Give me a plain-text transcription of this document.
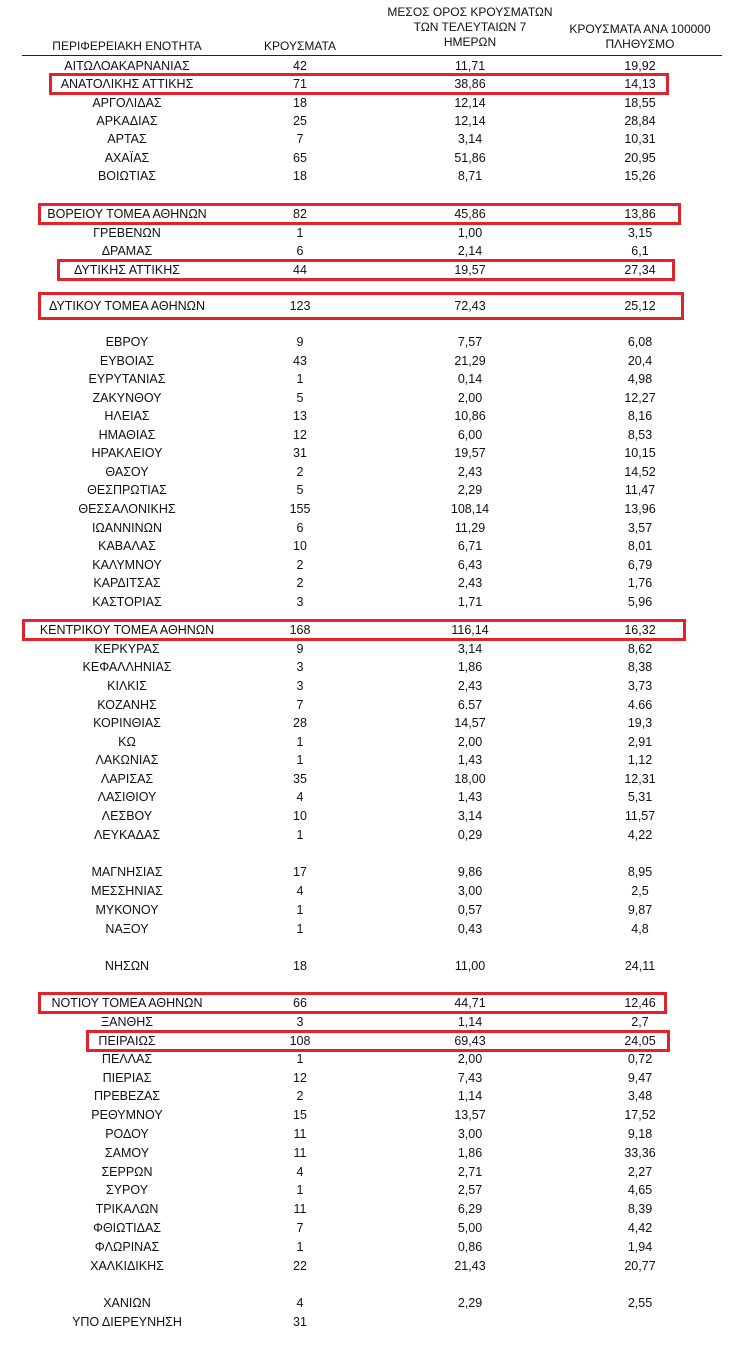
ΠΕΡΙΦΕΡΕΙΑΚΗ ΕΝΟΤΗΤΑ	ΚΡΟΥΣΜΑΤΑ
ΜΕΣΟΣ ΟΡΟΣ ΚΡΟΥΣΜΑΤΩΝ
ΤΩΝ ΤΕΛΕΥΤΑΙΩΝ 7
ΗΜΕΡΩΝ
ΚΡΟΥΣΜΑΤΑ ΑΝΑ 100000
ΠΛΗΘΥΣΜΟ
ΑΙΤΩΛΟΑΚΑΡΝΑΝΙΑΣ	42	11,71	19,92
ΑΝΑΤΟΛΙΚΗΣ ΑΤΤΙΚΗΣ	71	38,86	14,13
ΑΡΓΟΛΙΔΑΣ	18	12,14	18,55
ΑΡΚΑΔΙΑΣ	25	12,14	28,84
ΑΡΤΑΣ	7	3,14	10,31
ΑΧΑΪΑΣ	65	51,86	20,95
ΒΟΙΩΤΙΑΣ	18	8,71	15,26
ΒΟΡΕΙΟΥ ΤΟΜΕΑ ΑΘΗΝΩΝ	82	45,86	13,86
ΓΡΕΒΕΝΩΝ	1	1,00	3,15
ΔΡΑΜΑΣ	6	2,14	6,1
ΔΥΤΙΚΗΣ ΑΤΤΙΚΗΣ	44	19,57	27,34
ΔΥΤΙΚΟΥ ΤΟΜΕΑ ΑΘΗΝΩΝ	123	72,43	25,12
ΕΒΡΟΥ	9	7,57	6,08
ΕΥΒΟΙΑΣ	43	21,29	20,4
ΕΥΡΥΤΑΝΙΑΣ	1	0,14	4,98
ΖΑΚΥΝΘΟΥ	5	2,00	12,27
ΗΛΕΙΑΣ	13	10,86	8,16
ΗΜΑΘΙΑΣ	12	6,00	8,53
ΗΡΑΚΛΕΙΟΥ	31	19,57	10,15
ΘΑΣΟΥ	2	2,43	14,52
ΘΕΣΠΡΩΤΙΑΣ	5	2,29	11,47
ΘΕΣΣΑΛΟΝΙΚΗΣ	155	108,14	13,96
ΙΩΑΝΝΙΝΩΝ	6	11,29	3,57
ΚΑΒΑΛΑΣ	10	6,71	8,01
ΚΑΛΥΜΝΟΥ	2	6,43	6,79
ΚΑΡΔΙΤΣΑΣ	2	2,43	1,76
ΚΑΣΤΟΡΙΑΣ	3	1,71	5,96
ΚΕΝΤΡΙΚΟΥ ΤΟΜΕΑ ΑΘΗΝΩΝ	168	116,14	16,32
ΚΕΡΚΥΡΑΣ	9	3,14	8,62
ΚΕΦΑΛΛΗΝΙΑΣ	3	1,86	8,38
ΚΙΛΚΙΣ	3	2,43	3,73
ΚΟΖΑΝΗΣ	7	6.57	4.66
ΚΟΡΙΝΘΙΑΣ	28	14,57	19,3
ΚΩ	1	2,00	2,91
ΛΑΚΩΝΙΑΣ	1	1,43	1,12
ΛΑΡΙΣΑΣ	35	18,00	12,31
ΛΑΣΙΘΙΟΥ	4	1,43	5,31
ΛΕΣΒΟΥ	10	3,14	11,57
ΛΕΥΚΑΔΑΣ	1	0,29	4,22
ΜΑΓΝΗΣΙΑΣ	17	9,86	8,95
ΜΕΣΣΗΝΙΑΣ	4	3,00	2,5
ΜΥΚΟΝΟΥ	1	0,57	9,87
ΝΑΞΟΥ	1	0,43	4,8
ΝΗΣΩΝ	18	11,00	24,11
ΝΟΤΙΟΥ ΤΟΜΕΑ ΑΘΗΝΩΝ	66	44,71	12,46
ΞΑΝΘΗΣ	3	1,14	2,7
ΠΕΙΡΑΙΩΣ	108	69,43	24,05
ΠΕΛΛΑΣ	1	2,00	0,72
ΠΙΕΡΙΑΣ	12	7,43	9,47
ΠΡΕΒΕΖΑΣ	2	1,14	3,48
ΡΕΘΥΜΝΟΥ	15	13,57	17,52
ΡΟΔΟΥ	11	3,00	9,18
ΣΑΜΟΥ	11	1,86	33,36
ΣΕΡΡΩΝ	4	2,71	2,27
ΣΥΡΟΥ	1	2,57	4,65
ΤΡΙΚΑΛΩΝ	11	6,29	8,39
ΦΘΙΩΤΙΔΑΣ	7	5,00	4,42
ΦΛΩΡΙΝΑΣ	1	0,86	1,94
ΧΑΛΚΙΔΙΚΗΣ	22	21,43	20,77
ΧΑΝΙΩΝ	4	2,29	2,55
ΥΠΟ ΔΙΕΡΕΥΝΗΣΗ	31
